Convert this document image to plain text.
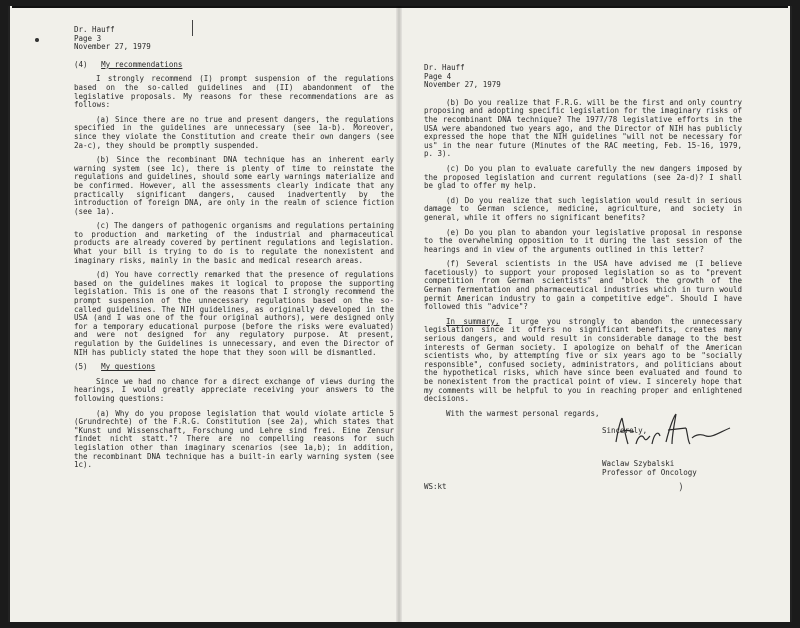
Dr. Hauff
Page 3
November 27, 1979
(4) My recommendations

I strongly recommend (I) prompt suspension of the regulations based on the so-called guidelines and (II) abandonment of the legislative proposals. My reasons for these recommendations are as follows:

(a) Since there are no true and present dangers, the regulations specified in the guidelines are unnecessary (see 1a-b). Moreover, since they violate the Constitution and create their own dangers (see 2a-c), they should be promptly suspended.

(b) Since the recombinant DNA technique has an inherent early warning system (see 1c), there is plenty of time to reinstate the regulations and guidelines, should some early warnings materialize and be confirmed. However, all the assessments clearly indicate that any practically significant dangers, caused inadvertently by the introduction of foreign DNA, are only in the realm of science fiction (see 1a).

(c) The dangers of pathogenic organisms and regulations pertaining to production and marketing of the industrial and pharmaceutical products are already covered by pertinent regulations and legislation. What your bill is trying to do is to regulate the nonexistent and imaginary risks, mainly in the basic and medical research areas.

(d) You have correctly remarked that the presence of regulations based on the guidelines makes it logical to propose the supporting legislation. This is one of the reasons that I strongly recommend the prompt suspension of the unnecessary regulations based on the so-called guidelines. The NIH guidelines, as originally developed in the USA (and I was one of the four original authors), were designed only for a temporary educational purpose (before the risks were evaluated) and were not designed for any regulatory purpose. At present, regulation by the Guidelines is unnecessary, and even the Director of NIH has publicly stated the hope that they soon will be dismantled.

(5) My questions

Since we had no chance for a direct exchange of views during the hearings, I would greatly appreciate receiving your answers to the following questions:

(a) Why do you propose legislation that would violate article 5 (Grundrechte) of the F.R.G. Constitution (see 2a), which states that "Kunst und Wissenschaft, Forschung und Lehre sind frei. Eine Zensur findet nicht statt."? There are no compelling reasons for such legislation other than imaginary scenarios (see 1a,b); in addition, the recombinant DNA technique has a built-in early warning system (see 1c).

Dr. Hauff
Page 4
November 27, 1979

(b) Do you realize that F.R.G. will be the first and only country proposing and adopting specific legislation for the imaginary risks of the recombinant DNA technique? The 1977/78 legislative efforts in the USA were abandoned two years ago, and the Director of NIH has publicly expressed the hope that the NIH guidelines "will not be necessary for us" in the near future (Minutes of the RAC meeting, Feb. 15-16, 1979, p. 3).

(c) Do you plan to evaluate carefully the new dangers imposed by the proposed legislation and current regulations (see 2a-d)? I shall be glad to offer my help.

(d) Do you realize that such legislation would result in serious damage to German science, medicine, agriculture, and society in general, while it offers no significant benefits?

(e) Do you plan to abandon your legislative proposal in response to the overwhelming opposition to it during the last session of the hearings and in view of the arguments outlined in this letter?

(f) Several scientists in the USA have advised me (I believe facetiously) to support your proposed legislation so as to "prevent competition from German scientists" and "block the growth of the German fermentation and pharmaceutical industries which in turn would permit American industry to gain a competitive edge". Should I have followed this "advice"?

In summary, I urge you strongly to abandon the unnecessary legislation since it offers no significant benefits, creates many serious dangers, and would result in considerable damage to the best interests of German society. I apologize on behalf of the American scientists who, by attempting five or six years ago to be "socially responsible", confused society, administrators, and politicians about the hypothetical risks, which have since been evaluated and found to be nonexistent from the practical point of view. I sincerely hope that my comments will be helpful to you in reaching proper and enlightened decisions.

With the warmest personal regards,
Sincerely,
Waclaw Szybalski
Professor of Oncology
WS:kt	)
